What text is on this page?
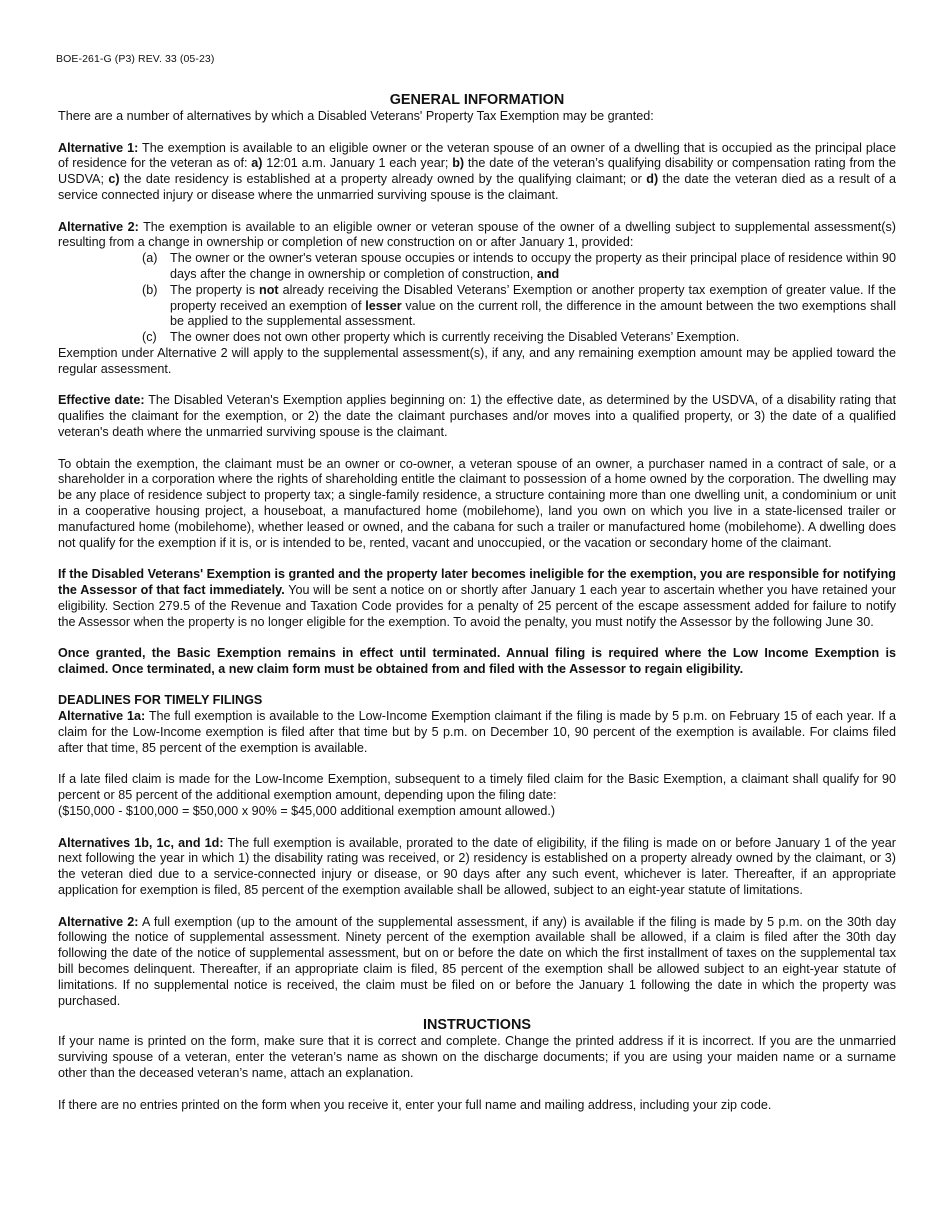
BOE-261-G (P3) REV. 33 (05-23)
GENERAL INFORMATION

There are a number of alternatives by which a Disabled Veterans' Property Tax Exemption may be granted:

Alternative 1: The exemption is available to an eligible owner or the veteran spouse of an owner of a dwelling that is occupied as the principal place of residence for the veteran as of: a) 12:01 a.m. January 1 each year; b) the date of the veteran’s qualifying disability or compensation rating from the USDVA; c) the date residency is established at a property already owned by the qualifying claimant; or d) the date the veteran died as a result of a service connected injury or disease where the unmarried surviving spouse is the claimant.

Alternative 2: The exemption is available to an eligible owner or veteran spouse of the owner of a dwelling subject to supplemental assessment(s) resulting from a change in ownership or completion of new construction on or after January 1, provided:

(a) The owner or the owner's veteran spouse occupies or intends to occupy the property as their principal place of residence within 90 days after the change in ownership or completion of construction, and
(b) The property is not already receiving the Disabled Veterans’ Exemption or another property tax exemption of greater value. If the property received an exemption of lesser value on the current roll, the difference in the amount between the two exemptions shall be applied to the supplemental assessment.
(c) The owner does not own other property which is currently receiving the Disabled Veterans’ Exemption.

Exemption under Alternative 2 will apply to the supplemental assessment(s), if any, and any remaining exemption amount may be applied toward the regular assessment.

Effective date: The Disabled Veteran's Exemption applies beginning on: 1) the effective date, as determined by the USDVA, of a disability rating that qualifies the claimant for the exemption, or 2) the date the claimant purchases and/or moves into a qualified property, or 3) the date of a qualified veteran's death where the unmarried surviving spouse is the claimant.

To obtain the exemption, the claimant must be an owner or co-owner, a veteran spouse of an owner, a purchaser named in a contract of sale, or a shareholder in a corporation where the rights of shareholding entitle the claimant to possession of a home owned by the corporation. The dwelling may be any place of residence subject to property tax; a single-family residence, a structure containing more than one dwelling unit, a condominium or unit in a cooperative housing project, a houseboat, a manufactured home (mobilehome), land you own on which you live in a state-licensed trailer or manufactured home (mobilehome), whether leased or owned, and the cabana for such a trailer or manufactured home (mobilehome). A dwelling does not qualify for the exemption if it is, or is intended to be, rented, vacant and unoccupied, or the vacation or secondary home of the claimant.

If the Disabled Veterans' Exemption is granted and the property later becomes ineligible for the exemption, you are responsible for notifying the Assessor of that fact immediately. You will be sent a notice on or shortly after January 1 each year to ascertain whether you have retained your eligibility. Section 279.5 of the Revenue and Taxation Code provides for a penalty of 25 percent of the escape assessment added for failure to notify the Assessor when the property is no longer eligible for the exemption. To avoid the penalty, you must notify the Assessor by the following June 30.

Once granted, the Basic Exemption remains in effect until terminated. Annual filing is required where the Low Income Exemption is claimed. Once terminated, a new claim form must be obtained from and filed with the Assessor to regain eligibility.

DEADLINES FOR TIMELY FILINGS

Alternative 1a: The full exemption is available to the Low-Income Exemption claimant if the filing is made by 5 p.m. on February 15 of each year. If a claim for the Low-Income exemption is filed after that time but by 5 p.m. on December 10, 90 percent of the exemption is available. For claims filed after that time, 85 percent of the exemption is available.

If a late filed claim is made for the Low-Income Exemption, subsequent to a timely filed claim for the Basic Exemption, a claimant shall qualify for 90 percent or 85 percent of the additional exemption amount, depending upon the filing date:

($150,000 - $100,000 = $50,000 x 90% = $45,000 additional exemption amount allowed.)

Alternatives 1b, 1c, and 1d: The full exemption is available, prorated to the date of eligibility, if the filing is made on or before January 1 of the year next following the year in which 1) the disability rating was received, or 2) residency is established on a property already owned by the claimant, or 3) the veteran died due to a service-connected injury or disease, or 90 days after any such event, whichever is later. Thereafter, if an appropriate application for exemption is filed, 85 percent of the exemption available shall be allowed, subject to an eight-year statute of limitations.

Alternative 2: A full exemption (up to the amount of the supplemental assessment, if any) is available if the filing is made by 5 p.m. on the 30th day following the notice of supplemental assessment. Ninety percent of the exemption available shall be allowed, if a claim is filed after the 30th day following the date of the notice of supplemental assessment, but on or before the date on which the first installment of taxes on the supplemental tax bill becomes delinquent. Thereafter, if an appropriate claim is filed, 85 percent of the exemption shall be allowed subject to an eight-year statute of limitations. If no supplemental notice is received, the claim must be filed on or before the January 1 following the date in which the property was purchased.

INSTRUCTIONS

If your name is printed on the form, make sure that it is correct and complete. Change the printed address if it is incorrect. If you are the unmarried surviving spouse of a veteran, enter the veteran’s name as shown on the discharge documents; if you are using your maiden name or a surname other than the deceased veteran’s name, attach an explanation.

If there are no entries printed on the form when you receive it, enter your full name and mailing address, including your zip code.
